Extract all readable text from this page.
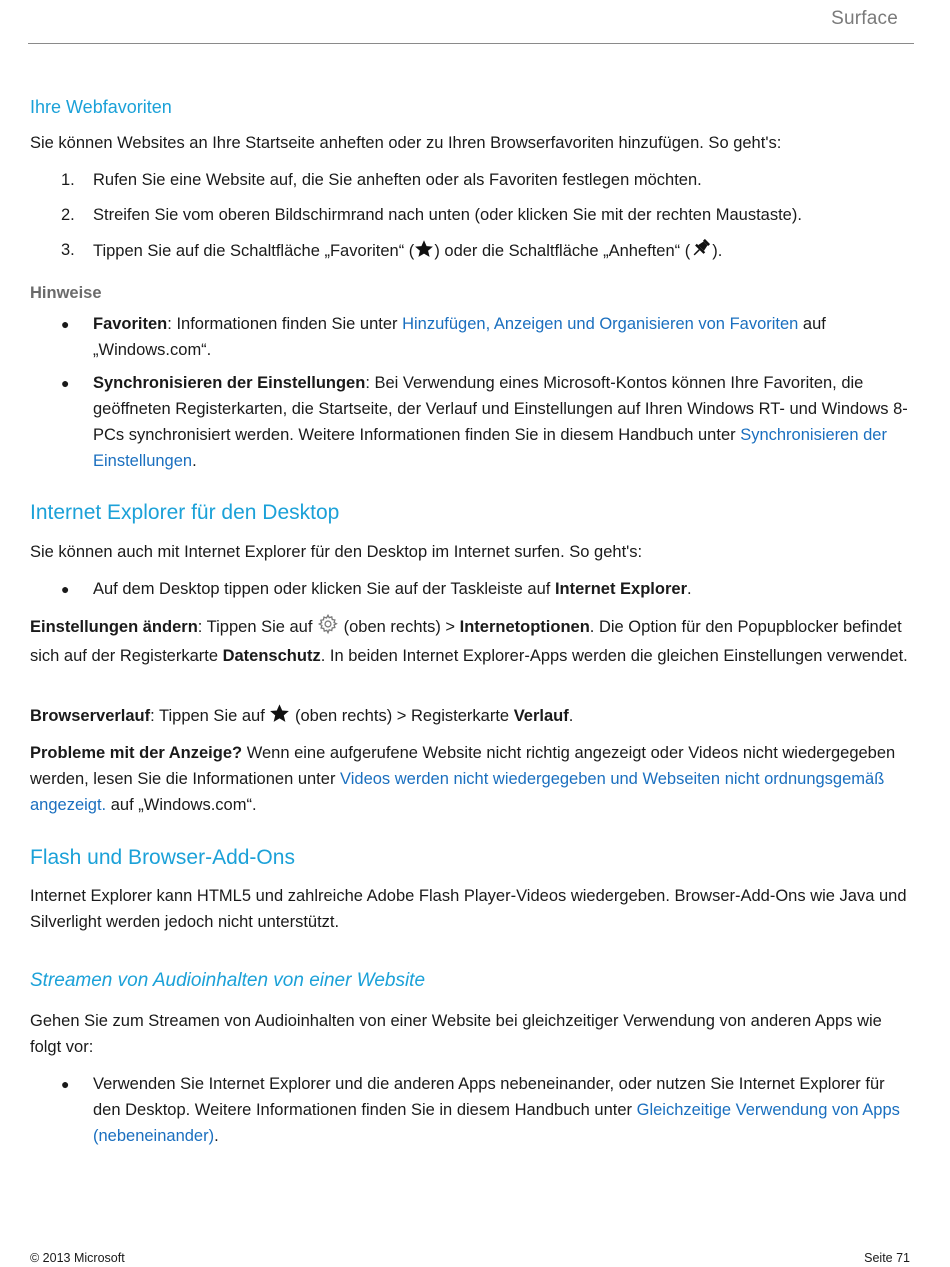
Surface
Ihre Webfavoriten
Sie können Websites an Ihre Startseite anheften oder zu Ihren Browserfavoriten hinzufügen. So geht's:
1. Rufen Sie eine Website auf, die Sie anheften oder als Favoriten festlegen möchten.
2. Streifen Sie vom oberen Bildschirmrand nach unten (oder klicken Sie mit der rechten Maustaste).
3. Tippen Sie auf die Schaltfläche „Favoriten“ ( ) oder die Schaltfläche „Anheften“ ( ).
Hinweise
● Favoriten: Informationen finden Sie unter Hinzufügen, Anzeigen und Organisieren von Favoriten auf „Windows.com“.
● Synchronisieren der Einstellungen: Bei Verwendung eines Microsoft-Kontos können Ihre Favoriten, die geöffneten Registerkarten, die Startseite, der Verlauf und Einstellungen auf Ihren Windows RT- und Windows 8-PCs synchronisiert werden. Weitere Informationen finden Sie in diesem Handbuch unter Synchronisieren der Einstellungen.
Internet Explorer für den Desktop
Sie können auch mit Internet Explorer für den Desktop im Internet surfen. So geht's:
● Auf dem Desktop tippen oder klicken Sie auf der Taskleiste auf Internet Explorer.
Einstellungen ändern: Tippen Sie auf  (oben rechts) > Internetoptionen. Die Option für den Popupblocker befindet sich auf der Registerkarte Datenschutz. In beiden Internet Explorer-Apps werden die gleichen Einstellungen verwendet.
Browserverlauf: Tippen Sie auf  (oben rechts) > Registerkarte Verlauf.
Probleme mit der Anzeige? Wenn eine aufgerufene Website nicht richtig angezeigt oder Videos nicht wiedergegeben werden, lesen Sie die Informationen unter Videos werden nicht wiedergegeben und Webseiten nicht ordnungsgemäß angezeigt. auf „Windows.com“.
Flash und Browser-Add-Ons
Internet Explorer kann HTML5 und zahlreiche Adobe Flash Player-Videos wiedergeben. Browser-Add-Ons wie Java und Silverlight werden jedoch nicht unterstützt.
Streamen von Audioinhalten von einer Website
Gehen Sie zum Streamen von Audioinhalten von einer Website bei gleichzeitiger Verwendung von anderen Apps wie folgt vor:
● Verwenden Sie Internet Explorer und die anderen Apps nebeneinander, oder nutzen Sie Internet Explorer für den Desktop. Weitere Informationen finden Sie in diesem Handbuch unter Gleichzeitige Verwendung von Apps (nebeneinander).
© 2013 Microsoft	Seite 71
